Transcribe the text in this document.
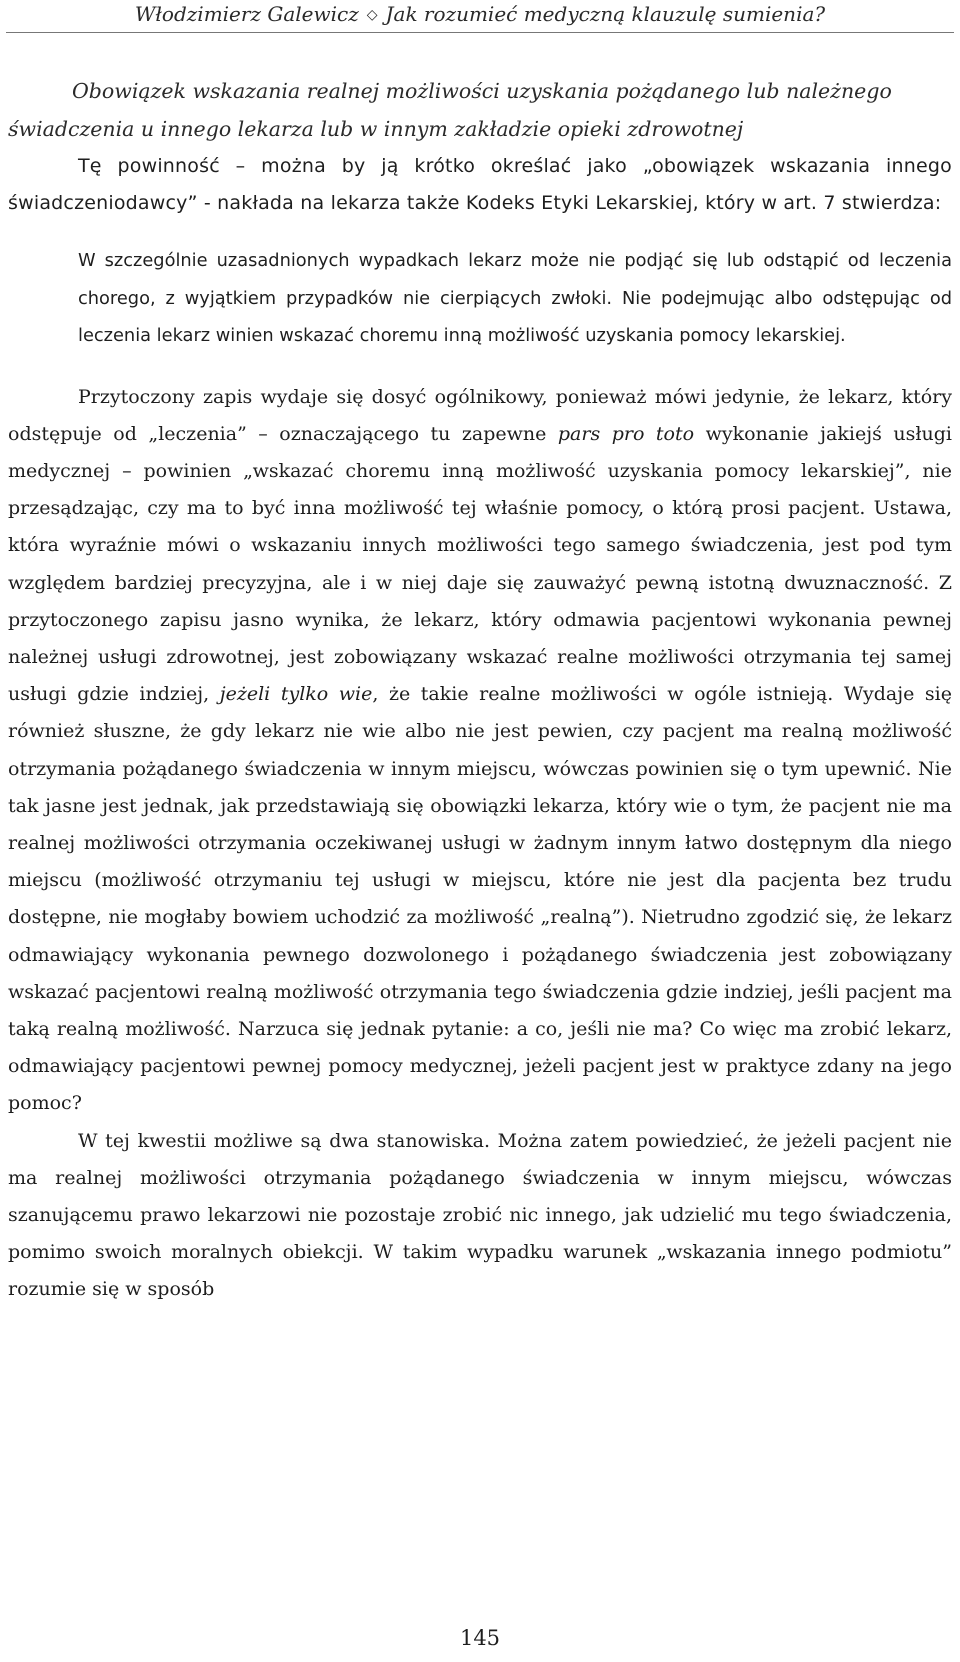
Włodzimierz Galewicz ◇ Jak rozumieć medyczną klauzulę sumienia?

Obowiązek wskazania realnej możliwości uzyskania pożądanego lub należnego
świadczenia u innego lekarza lub w innym zakładzie opieki zdrowotnej

Tę powinność – można by ją krótko określać jako „obowiązek wskazania innego świadczeniodawcy” - nakłada na lekarza także Kodeks Etyki Lekarskiej, który w art. 7 stwierdza:

W szczególnie uzasadnionych wypadkach lekarz może nie podjąć się lub odstąpić od leczenia chorego, z wyjątkiem przypadków nie cierpiących zwłoki. Nie podejmując albo odstępując od leczenia lekarz winien wskazać choremu inną możliwość uzyskania pomocy lekarskiej.

Przytoczony zapis wydaje się dosyć ogólnikowy, ponieważ mówi jedynie, że lekarz, który odstępuje od „leczenia” – oznaczającego tu zapewne pars pro toto wykonanie jakiejś usługi medycznej – powinien „wskazać choremu inną możliwość uzyskania pomocy lekarskiej”, nie przesądzając, czy ma to być inna możliwość tej właśnie pomocy, o którą prosi pacjent. Ustawa, która wyraźnie mówi o wskazaniu innych możliwości tego samego świadczenia, jest pod tym względem bardziej precyzyjna, ale i w niej daje się zauważyć pewną istotną dwuznaczność. Z przytoczonego zapisu jasno wynika, że lekarz, który odmawia pacjentowi wykonania pewnej należnej usługi zdrowotnej, jest zobowiązany wskazać realne możliwości otrzymania tej samej usługi gdzie indziej, jeżeli tylko wie, że takie realne możliwości w ogóle istnieją. Wydaje się również słuszne, że gdy lekarz nie wie albo nie jest pewien, czy pacjent ma realną możliwość otrzymania pożądanego świadczenia w innym miejscu, wówczas powinien się o tym upewnić. Nie tak jasne jest jednak, jak przedstawiają się obowiązki lekarza, który wie o tym, że pacjent nie ma realnej możliwości otrzymania oczekiwanej usługi w żadnym innym łatwo dostępnym dla niego miejscu (możliwość otrzymaniu tej usługi w miejscu, które nie jest dla pacjenta bez trudu dostępne, nie mogłaby bowiem uchodzić za możliwość „realną”). Nietrudno zgodzić się, że lekarz odmawiający wykonania pewnego dozwolonego i pożądanego świadczenia jest zobowiązany wskazać pacjentowi realną możliwość otrzymania tego świadczenia gdzie indziej, jeśli pacjent ma taką realną możliwość. Narzuca się jednak pytanie: a co, jeśli nie ma? Co więc ma zrobić lekarz, odmawiający pacjentowi pewnej pomocy medycznej, jeżeli pacjent jest w praktyce zdany na jego pomoc?

W tej kwestii możliwe są dwa stanowiska. Można zatem powiedzieć, że jeżeli pacjent nie ma realnej możliwości otrzymania pożądanego świadczenia w innym miejscu, wówczas szanującemu prawo lekarzowi nie pozostaje zrobić nic innego, jak udzielić mu tego świadczenia, pomimo swoich moralnych obiekcji. W takim wypadku warunek „wskazania innego podmiotu” rozumie się w sposób

145
